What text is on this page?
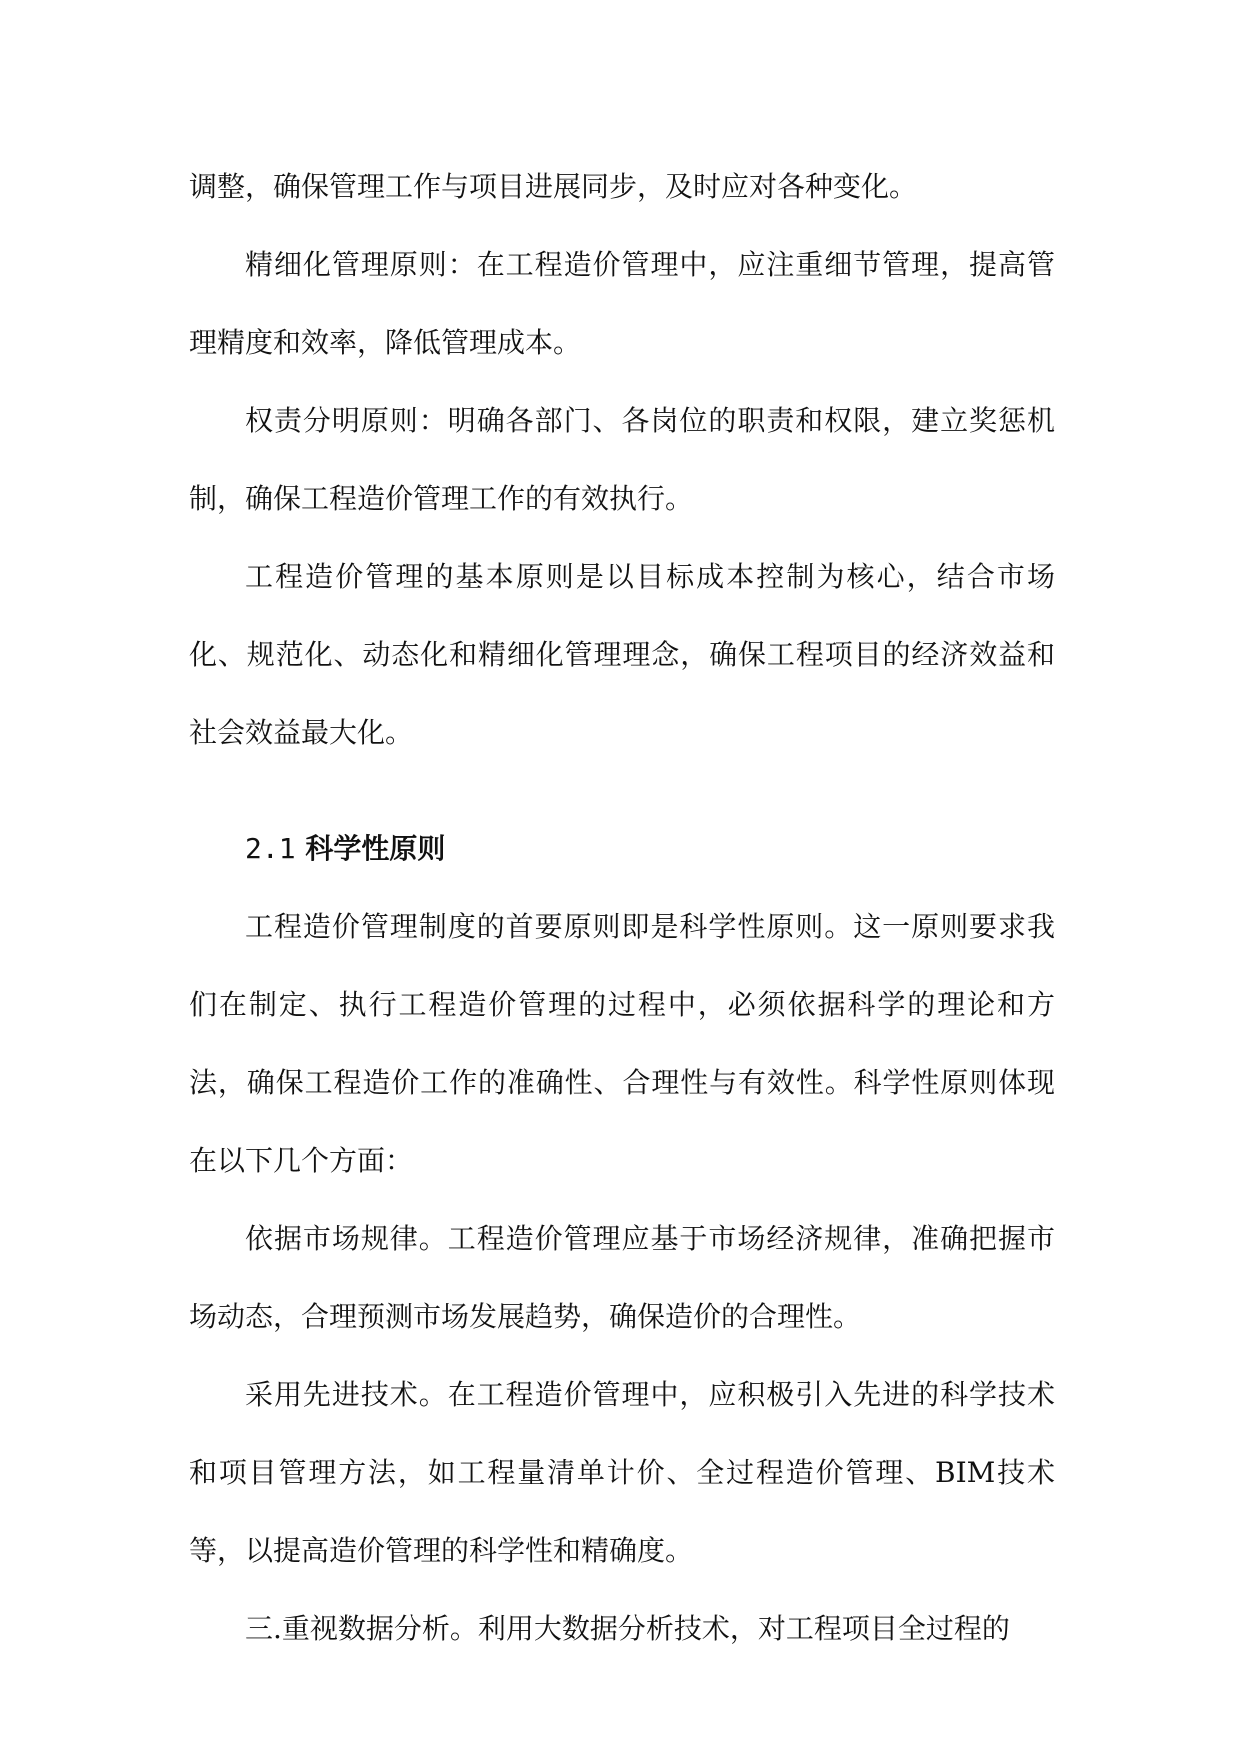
调整，确保管理工作与项目进展同步，及时应对各种变化。

精细化管理原则：在工程造价管理中，应注重细节管理，提高管理精度和效率，降低管理成本。

权责分明原则：明确各部门、各岗位的职责和权限，建立奖惩机制，确保工程造价管理工作的有效执行。

工程造价管理的基本原则是以目标成本控制为核心，结合市场化、规范化、动态化和精细化管理理念，确保工程项目的经济效益和社会效益最大化。

2.1 科学性原则

工程造价管理制度的首要原则即是科学性原则。这一原则要求我们在制定、执行工程造价管理的过程中，必须依据科学的理论和方法，确保工程造价工作的准确性、合理性与有效性。科学性原则体现在以下几个方面：

依据市场规律。工程造价管理应基于市场经济规律，准确把握市场动态，合理预测市场发展趋势，确保造价的合理性。

采用先进技术。在工程造价管理中，应积极引入先进的科学技术和项目管理方法，如工程量清单计价、全过程造价管理、BIM技术等，以提高造价管理的科学性和精确度。

三.重视数据分析。利用大数据分析技术，对工程项目全过程的
